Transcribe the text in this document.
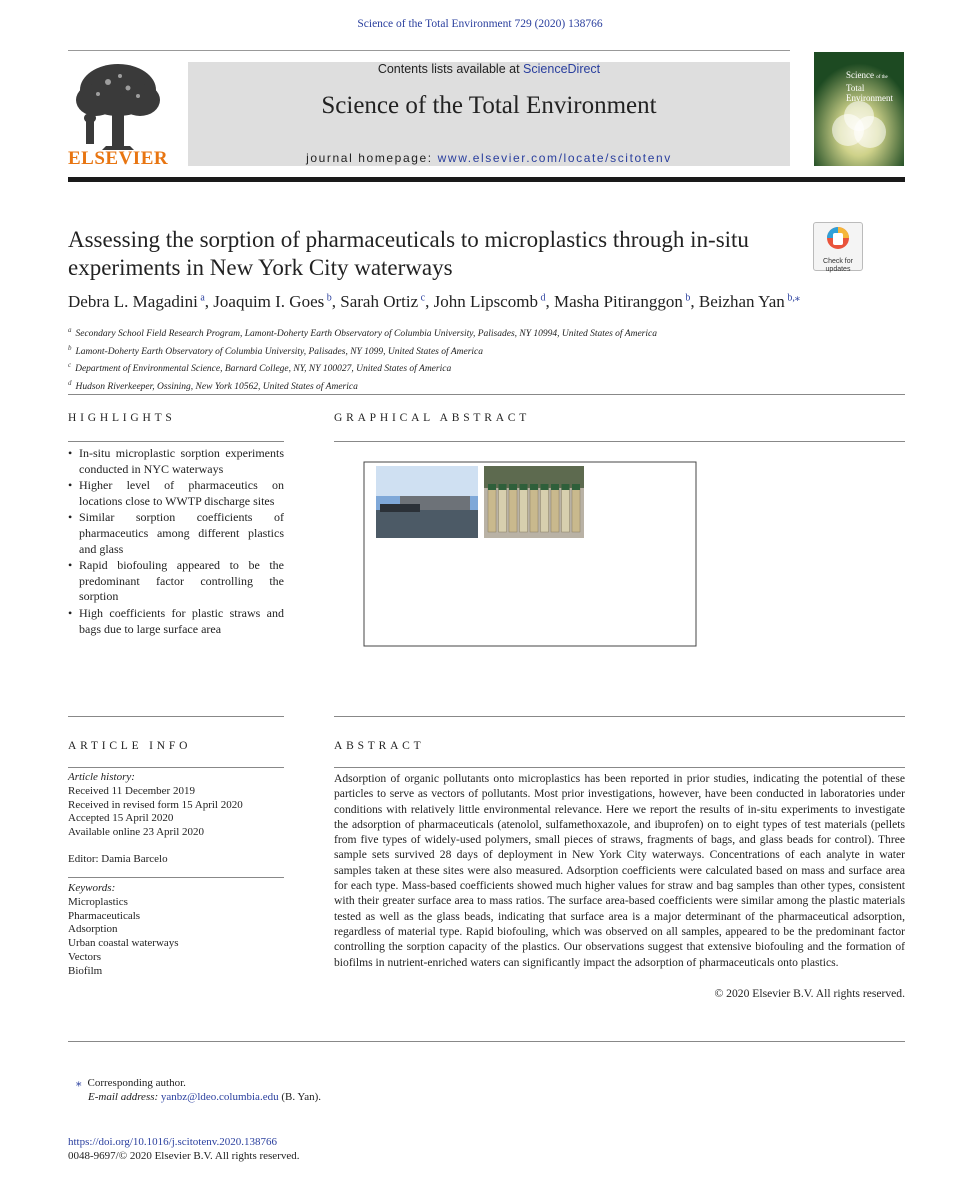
Science of the Total Environment 729 (2020) 138766
ELSEVIER
Contents lists available at ScienceDirect
Science of the Total Environment
journal homepage: www.elsevier.com/locate/scitotenv
Science of the
Total Environment
Assessing the sorption of pharmaceuticals to microplastics through in-situ experiments in New York City waterways	Check for
updates
Debra L. Magadini $^a$, Joaquim I. Goes $^b$, Sarah Ortiz $^c$, John Lipscomb $^d$, Masha Pitiranggon $^b$, Beizhan Yan $^{b,⁎}$
$^a$ Secondary School Field Research Program, Lamont-Doherty Earth Observatory of Columbia University, Palisades, NY 10994, United States of America
$^b$ Lamont-Doherty Earth Observatory of Columbia University, Palisades, NY 1099, United States of America
$^c$ Department of Environmental Science, Barnard College, NY, NY 100027, United States of America
$^d$ Hudson Riverkeeper, Ossining, New York 10562, United States of America
HIGHLIGHTS
• In-situ microplastic sorption experiments conducted in NYC waterways
• Higher level of pharmaceutics on locations close to WWTP discharge sites
• Similar sorption coefficients of pharmaceutics among different plastics and glass
• Rapid biofouling appeared to be the predominant factor controlling the sorption
• High coefficients for plastic straws and bags due to large surface area
GRAPHICAL ABSTRACT
ARTICLE INFO
Article history:
Received 11 December 2019
Received in revised form 15 April 2020
Accepted 15 April 2020
Available online 23 April 2020
Editor: Damia Barcelo
Keywords:
Microplastics
Pharmaceuticals
Adsorption
Urban coastal waterways
Vectors
Biofilm
ABSTRACT
Adsorption of organic pollutants onto microplastics has been reported in prior studies, indicating the potential of these particles to serve as vectors of pollutants. Most prior investigations, however, have been conducted in laboratories under conditions with relatively little environmental relevance. Here we report the results of in-situ experiments to investigate the adsorption of pharmaceuticals (atenolol, sulfamethoxazole, and ibuprofen) on to eight types of test materials (pellets from five types of widely-used polymers, small pieces of straws, fragments of bags, and glass beads for control). Three sample sets survived 28 days of deployment in New York City waterways. Concentrations of each analyte in water samples taken at these sites were also measured. Adsorption coefficients were calculated based on mass and surface area for each type. Mass-based coefficients showed much higher values for straw and bag samples than other types, consistent with their greater surface area to mass ratios. The surface area-based coefficients were similar among the plastic materials tested as well as the glass beads, indicating that surface area is a major determinant of the pharmaceutical adsorption, regardless of material type. Rapid biofouling, which was observed on all samples, appeared to be the predominant factor controlling the sorption capacity of the plastics. Our observations suggest that extensive biofouling and the formation of biofilms in nutrient-enriched waters can significantly impact the adsorption of pharmaceuticals onto plastics.
© 2020 Elsevier B.V. All rights reserved.
⁎ Corresponding author.
E-mail address: yanbz@ldeo.columbia.edu (B. Yan).
https://doi.org/10.1016/j.scitotenv.2020.138766
0048-9697/© 2020 Elsevier B.V. All rights reserved.
